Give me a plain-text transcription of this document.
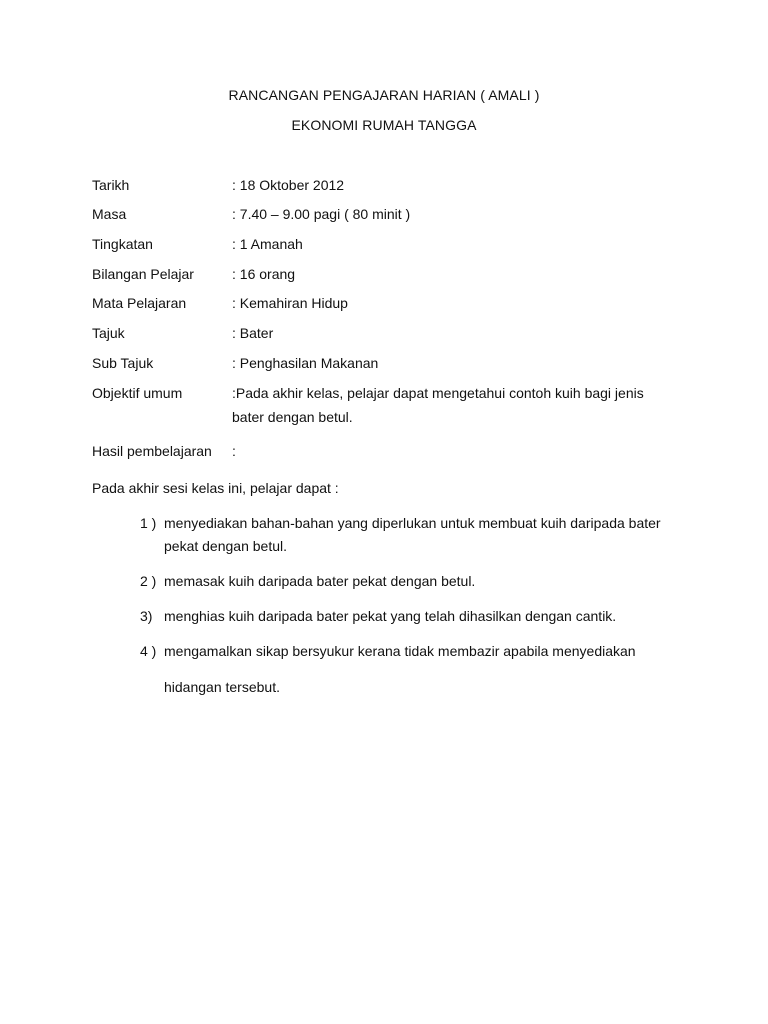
RANCANGAN PENGAJARAN HARIAN ( AMALI )
EKONOMI RUMAH TANGGA
Tarikh	: 18 Oktober 2012
Masa	: 7.40 – 9.00 pagi ( 80 minit )
Tingkatan	: 1 Amanah
Bilangan Pelajar	: 16 orang
Mata Pelajaran	: Kemahiran Hidup
Tajuk	: Bater
Sub Tajuk	: Penghasilan Makanan
Objektif umum	:Pada akhir kelas, pelajar dapat mengetahui contoh kuih bagi jenis
bater dengan betul.
Hasil pembelajaran :
Pada akhir sesi kelas ini, pelajar dapat :
1 ) menyediakan bahan-bahan yang diperlukan untuk membuat kuih daripada bater
pekat dengan betul.
2 ) memasak kuih daripada bater pekat dengan betul.
3) menghias kuih daripada bater pekat yang telah dihasilkan dengan cantik.
4 ) mengamalkan sikap bersyukur kerana tidak membazir apabila menyediakan
hidangan tersebut.
